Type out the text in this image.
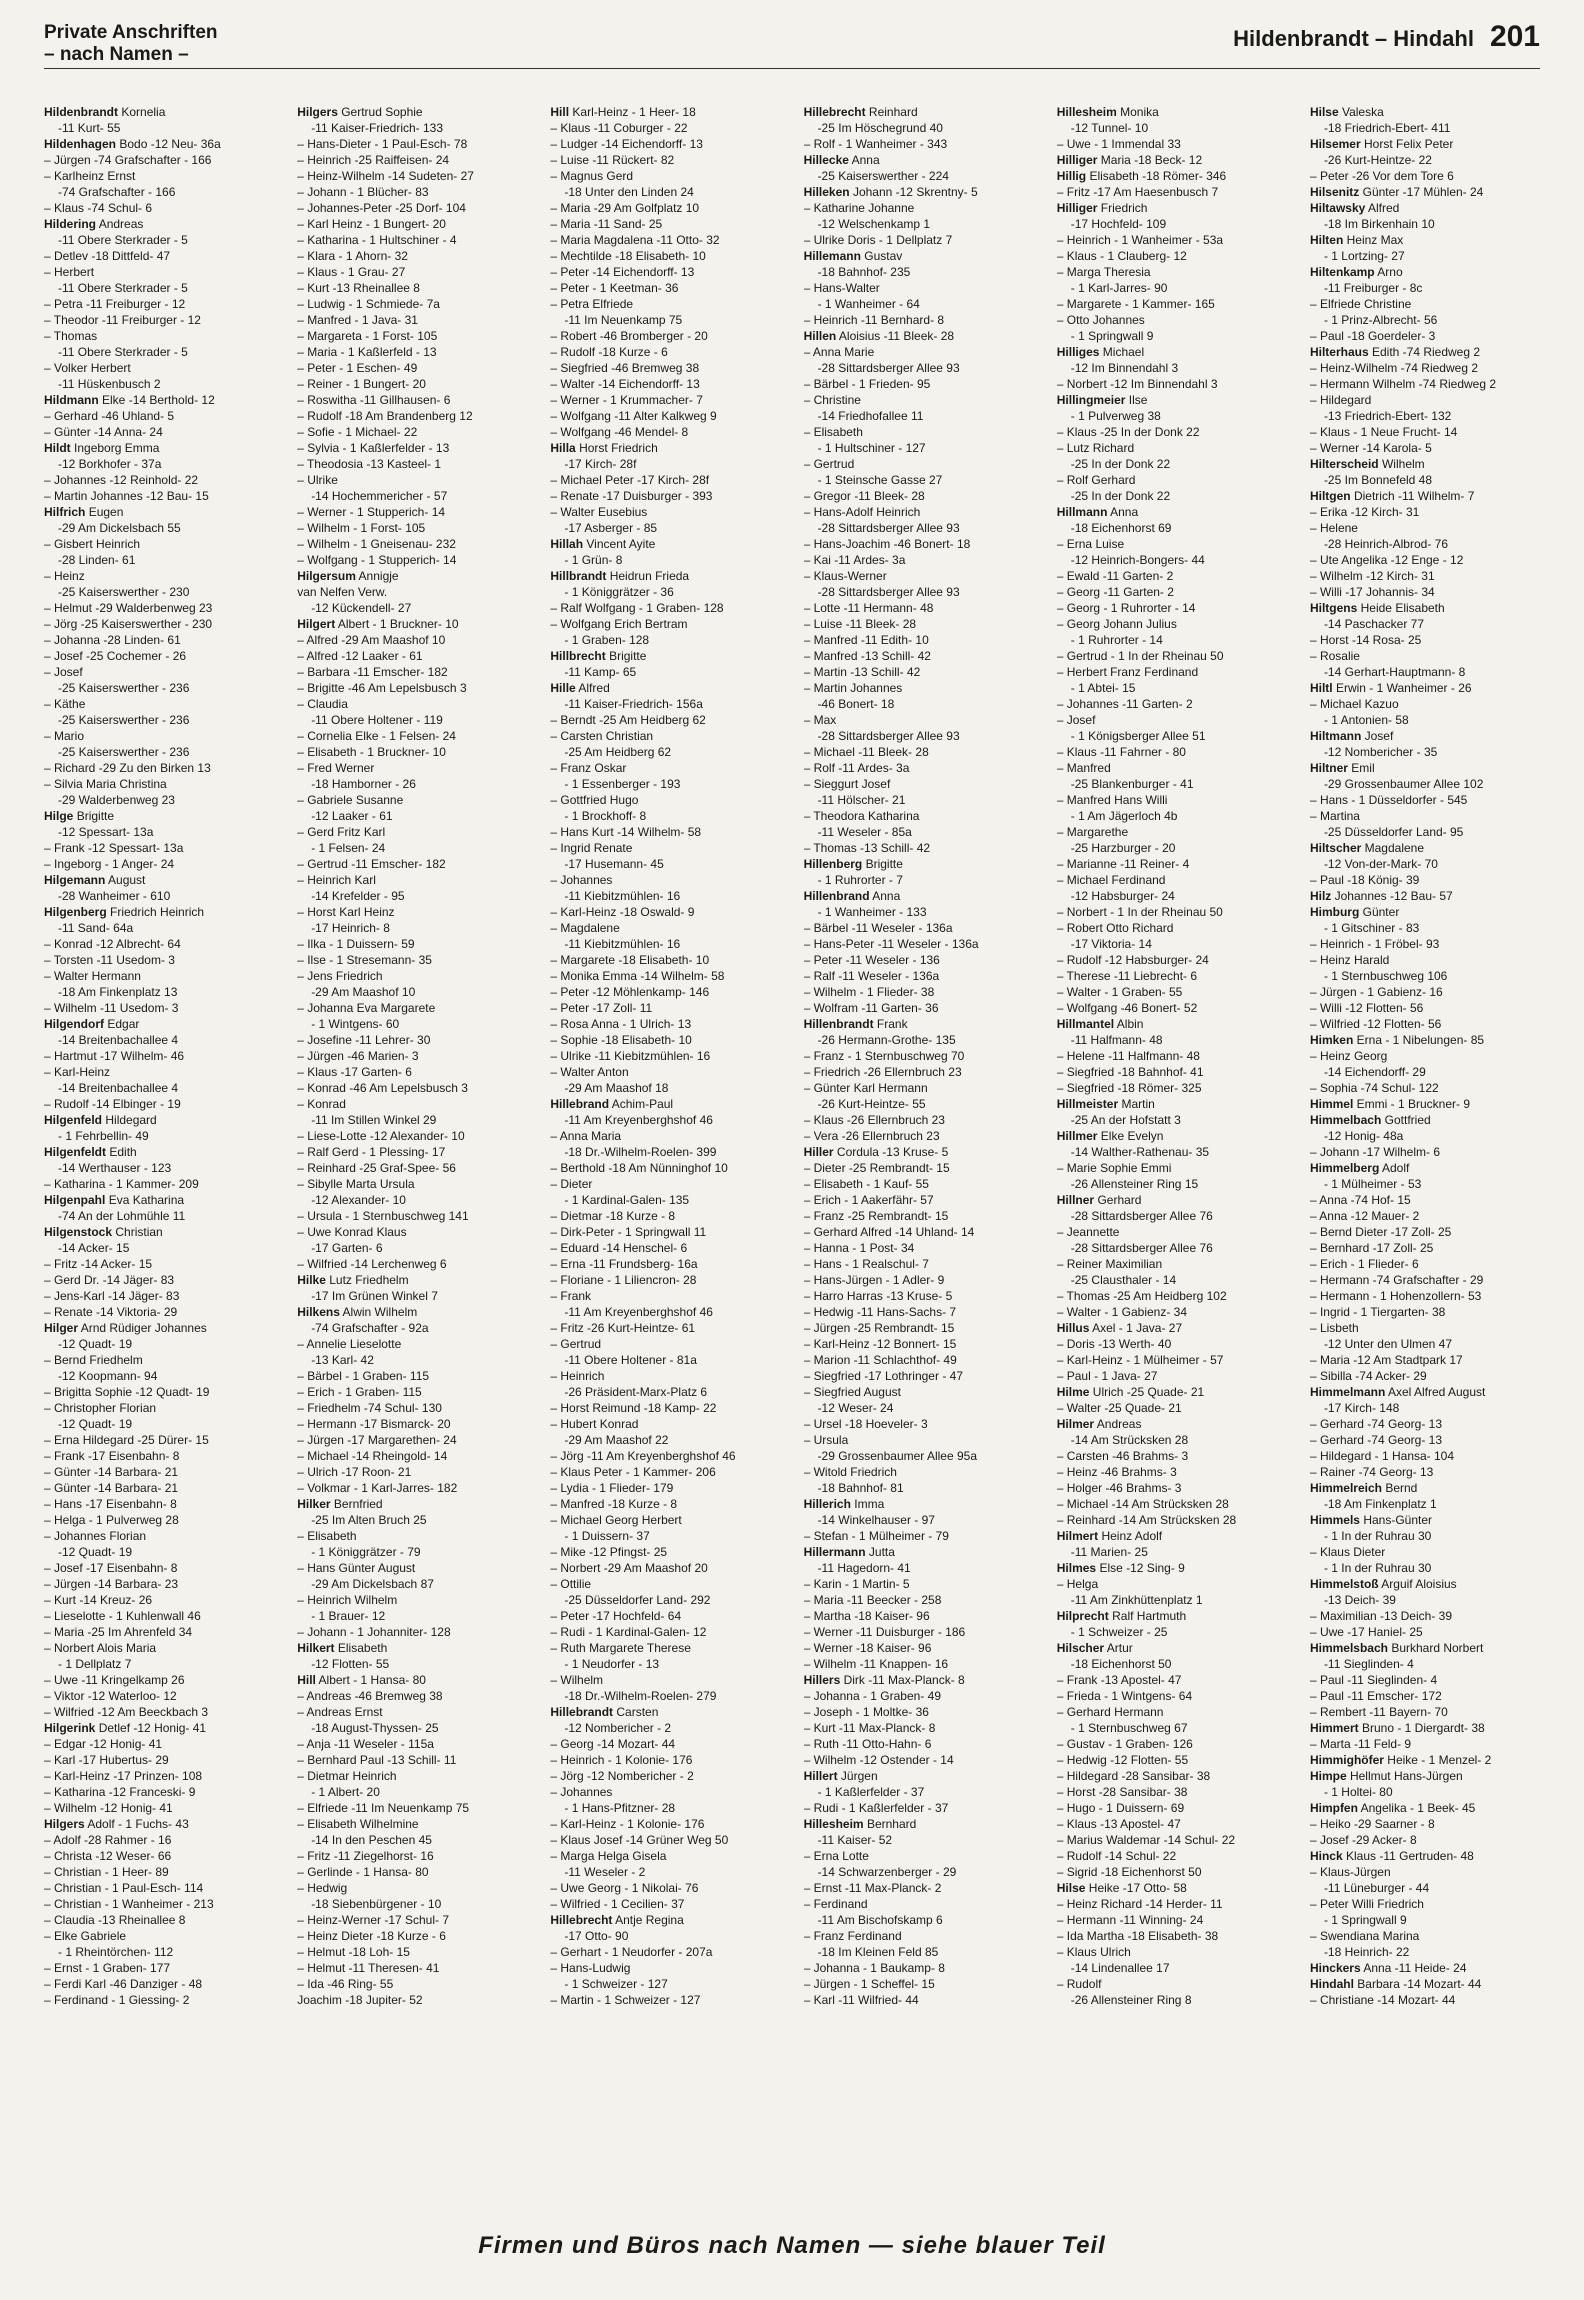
Private Anschriften
– nach Namen –
Hildenbrandt – Hindahl 201
Hildenbrandt Kornelia
-11 Kurt- 55
Hildenhagen Bodo -12 Neu- 36a
– Jürgen -74 Grafschafter - 166
– Karlheinz Ernst
-74 Grafschafter - 166
– Klaus -74 Schul- 6
Hildering Andreas
-11 Obere Sterkrader - 5
– Detlev -18 Dittfeld- 47
– Herbert
-11 Obere Sterkrader - 5
– Petra -11 Freiburger - 12
– Theodor -11 Freiburger - 12
– Thomas
-11 Obere Sterkrader - 5
– Volker Herbert
-11 Hüskenbusch 2
Hildmann Elke -14 Berthold- 12
– Gerhard -46 Uhland- 5
– Günter -14 Anna- 24
Hildt Ingeborg Emma
-12 Borkhofer - 37a
– Johannes -12 Reinhold- 22
– Martin Johannes -12 Bau- 15
Hilfrich Eugen
-29 Am Dickelsbach 55
– Gisbert Heinrich
-28 Linden- 61
– Heinz
-25 Kaiserswerther - 230
– Helmut -29 Walderbenweg 23
– Jörg -25 Kaiserswerther - 230
– Johanna -28 Linden- 61
– Josef -25 Cochemer - 26
– Josef
-25 Kaiserswerther - 236
– Käthe
-25 Kaiserswerther - 236
– Mario
-25 Kaiserswerther - 236
– Richard -29 Zu den Birken 13
– Silvia Maria Christina
-29 Walderbenweg 23
Hilge Brigitte
-12 Spessart- 13a
– Frank -12 Spessart- 13a
– Ingeborg - 1 Anger- 24
Hilgemann August
-28 Wanheimer - 610
Hilgenberg Friedrich Heinrich
-11 Sand- 64a
– Konrad -12 Albrecht- 64
– Torsten -11 Usedom- 3
– Walter Hermann
-18 Am Finkenplatz 13
– Wilhelm -11 Usedom- 3
Hilgendorf Edgar
-14 Breitenbachallee 4
– Hartmut -17 Wilhelm- 46
– Karl-Heinz
-14 Breitenbachallee 4
– Rudolf -14 Elbinger - 19
Hilgenfeld Hildegard
- 1 Fehrbellin- 49
Hilgenfeldt Edith
-14 Werthauser - 123
– Katharina - 1 Kammer- 209
Hilgenpahl Eva Katharina
-74 An der Lohmühle 11
Hilgenstock Christian
-14 Acker- 15
– Fritz -14 Acker- 15
– Gerd Dr. -14 Jäger- 83
– Jens-Karl -14 Jäger- 83
– Renate -14 Viktoria- 29
Hilger Arnd Rüdiger Johannes
-12 Quadt- 19
– Bernd Friedhelm
-12 Koopmann- 94
– Brigitta Sophie -12 Quadt- 19
– Christopher Florian
-12 Quadt- 19
– Erna Hildegard -25 Dürer- 15
– Frank -17 Eisenbahn- 8
– Günter -14 Barbara- 21
– Günter -14 Barbara- 21
– Hans -17 Eisenbahn- 8
– Helga - 1 Pulverweg 28
– Johannes Florian
-12 Quadt- 19
– Josef -17 Eisenbahn- 8
– Jürgen -14 Barbara- 23
– Kurt -14 Kreuz- 26
– Lieselotte - 1 Kuhlenwall 46
– Maria -25 Im Ahrenfeld 34
– Norbert Alois Maria
- 1 Dellplatz 7
– Uwe -11 Kringelkamp 26
– Viktor -12 Waterloo- 12
– Wilfried -12 Am Beeckbach 3
Hilgerink Detlef -12 Honig- 41
– Edgar -12 Honig- 41
– Karl -17 Hubertus- 29
– Karl-Heinz -17 Prinzen- 108
– Katharina -12 Franceski- 9
– Wilhelm -12 Honig- 41
Hilgers Adolf - 1 Fuchs- 43
– Adolf -28 Rahmer - 16
– Christa -12 Weser- 66
– Christian - 1 Heer- 89
– Christian - 1 Paul-Esch- 114
– Christian - 1 Wanheimer - 213
– Claudia -13 Rheinallee 8
– Elke Gabriele
- 1 Rheintörchen- 112
– Ernst - 1 Graben- 177
– Ferdi Karl -46 Danziger - 48
– Ferdinand - 1 Giessing- 2
Hilgers Gertrud Sophie
-11 Kaiser-Friedrich- 133
– Hans-Dieter - 1 Paul-Esch- 78
– Heinrich -25 Raiffeisen- 24
– Heinz-Wilhelm -14 Sudeten- 27
– Johann - 1 Blücher- 83
– Johannes-Peter -25 Dorf- 104
– Karl Heinz - 1 Bungert- 20
– Katharina - 1 Hultschiner - 4
– Klara - 1 Ahorn- 32
– Klaus - 1 Grau- 27
– Kurt -13 Rheinallee 8
– Ludwig - 1 Schmiede- 7a
– Manfred - 1 Java- 31
– Margareta - 1 Forst- 105
– Maria - 1 Kaßlerfeld - 13
– Peter - 1 Eschen- 49
– Reiner - 1 Bungert- 20
– Roswitha -11 Gillhausen- 6
– Rudolf -18 Am Brandenberg 12
– Sofie - 1 Michael- 22
– Sylvia - 1 Kaßlerfelder - 13
– Theodosia -13 Kasteel- 1
– Ulrike
-14 Hochemmericher - 57
– Werner - 1 Stupperich- 14
– Wilhelm - 1 Forst- 105
– Wilhelm - 1 Gneisenau- 232
– Wolfgang - 1 Stupperich- 14
Hilgersum Annigje
van Nelfen Verw.
-12 Kückendell- 27
Hilgert Albert - 1 Bruckner- 10
– Alfred -29 Am Maashof 10
– Alfred -12 Laaker - 61
– Barbara -11 Emscher- 182
– Brigitte -46 Am Lepelsbusch 3
– Claudia
-11 Obere Holtener - 119
– Cornelia Elke - 1 Felsen- 24
– Elisabeth - 1 Bruckner- 10
– Fred Werner
-18 Hamborner - 26
– Gabriele Susanne
-12 Laaker - 61
– Gerd Fritz Karl
- 1 Felsen- 24
– Gertrud -11 Emscher- 182
– Heinrich Karl
-14 Krefelder - 95
– Horst Karl Heinz
-17 Heinrich- 8
– Ilka - 1 Duissern- 59
– Ilse - 1 Stresemann- 35
– Jens Friedrich
-29 Am Maashof 10
– Johanna Eva Margarete
- 1 Wintgens- 60
– Josefine -11 Lehrer- 30
– Jürgen -46 Marien- 3
– Klaus -17 Garten- 6
– Konrad -46 Am Lepelsbusch 3
– Konrad
-11 Im Stillen Winkel 29
– Liese-Lotte -12 Alexander- 10
– Ralf Gerd - 1 Plessing- 17
– Reinhard -25 Graf-Spee- 56
– Sibylle Marta Ursula
-12 Alexander- 10
– Ursula - 1 Sternbuschweg 141
– Uwe Konrad Klaus
-17 Garten- 6
– Wilfried -14 Lerchenweg 6
Hilke Lutz Friedhelm
-17 Im Grünen Winkel 7
Hilkens Alwin Wilhelm
-74 Grafschafter - 92a
– Annelie Lieselotte
-13 Karl- 42
– Bärbel - 1 Graben- 115
– Erich - 1 Graben- 115
– Friedhelm -74 Schul- 130
– Hermann -17 Bismarck- 20
– Jürgen -17 Margarethen- 24
– Michael -14 Rheingold- 14
– Ulrich -17 Roon- 21
– Volkmar - 1 Karl-Jarres- 182
Hilker Bernfried
-25 Im Alten Bruch 25
– Elisabeth
- 1 Königgrätzer - 79
– Hans Günter August
-29 Am Dickelsbach 87
– Heinrich Wilhelm
- 1 Brauer- 12
– Johann - 1 Johanniter- 128
Hilkert Elisabeth
-12 Flotten- 55
Hill Albert - 1 Hansa- 80
– Andreas -46 Bremweg 38
– Andreas Ernst
-18 August-Thyssen- 25
– Anja -11 Weseler - 115a
– Bernhard Paul -13 Schill- 11
– Dietmar Heinrich
- 1 Albert- 20
– Elfriede -11 Im Neuenkamp 75
– Elisabeth Wilhelmine
-14 In den Peschen 45
– Fritz -11 Ziegelhorst- 16
– Gerlinde - 1 Hansa- 80
– Hedwig
-18 Siebenbürgener - 10
– Heinz-Werner -17 Schul- 7
– Heinz Dieter -18 Kurze - 6
– Helmut -18 Loh- 15
– Helmut -11 Theresen- 41
– Ida -46 Ring- 55
Joachim -18 Jupiter- 52
Hill Karl-Heinz - 1 Heer- 18
– Klaus -11 Coburger - 22
– Ludger -14 Eichendorff- 13
– Luise -11 Rückert- 82
– Magnus Gerd
-18 Unter den Linden 24
– Maria -29 Am Golfplatz 10
– Maria -11 Sand- 25
– Maria Magdalena -11 Otto- 32
– Mechtilde -18 Elisabeth- 10
– Peter -14 Eichendorff- 13
– Peter - 1 Keetman- 36
– Petra Elfriede
-11 Im Neuenkamp 75
– Robert -46 Bromberger - 20
– Rudolf -18 Kurze - 6
– Siegfried -46 Bremweg 38
– Walter -14 Eichendorff- 13
– Werner - 1 Krummacher- 7
– Wolfgang -11 Alter Kalkweg 9
– Wolfgang -46 Mendel- 8
Hilla Horst Friedrich
-17 Kirch- 28f
– Michael Peter -17 Kirch- 28f
– Renate -17 Duisburger - 393
– Walter Eusebius
-17 Asberger - 85
Hillah Vincent Ayite
- 1 Grün- 8
Hillbrandt Heidrun Frieda
- 1 Königgrätzer - 36
– Ralf Wolfgang - 1 Graben- 128
– Wolfgang Erich Bertram
- 1 Graben- 128
Hillbrecht Brigitte
-11 Kamp- 65
Hille Alfred
-11 Kaiser-Friedrich- 156a
– Berndt -25 Am Heidberg 62
– Carsten Christian
-25 Am Heidberg 62
– Franz Oskar
- 1 Essenberger - 193
– Gottfried Hugo
- 1 Brockhoff- 8
– Hans Kurt -14 Wilhelm- 58
– Ingrid Renate
-17 Husemann- 45
– Johannes
-11 Kiebitzmühlen- 16
– Karl-Heinz -18 Oswald- 9
– Magdalene
-11 Kiebitzmühlen- 16
– Margarete -18 Elisabeth- 10
– Monika Emma -14 Wilhelm- 58
– Peter -12 Möhlenkamp- 146
– Peter -17 Zoll- 11
– Rosa Anna - 1 Ulrich- 13
– Sophie -18 Elisabeth- 10
– Ulrike -11 Kiebitzmühlen- 16
– Walter Anton
-29 Am Maashof 18
Hillebrand Achim-Paul
-11 Am Kreyenberghshof 46
– Anna Maria
-18 Dr.-Wilhelm-Roelen- 399
– Berthold -18 Am Nünninghof 10
– Dieter
- 1 Kardinal-Galen- 135
– Dietmar -18 Kurze - 8
– Dirk-Peter - 1 Springwall 11
– Eduard -14 Henschel- 6
– Erna -11 Frundsberg- 16a
– Floriane - 1 Liliencron- 28
– Frank
-11 Am Kreyenberghshof 46
– Fritz -26 Kurt-Heintze- 61
– Gertrud
-11 Obere Holtener - 81a
– Heinrich
-26 Präsident-Marx-Platz 6
– Horst Reimund -18 Kamp- 22
– Hubert Konrad
-29 Am Maashof 22
– Jörg -11 Am Kreyenberghshof 46
– Klaus Peter - 1 Kammer- 206
– Lydia - 1 Flieder- 179
– Manfred -18 Kurze - 8
– Michael Georg Herbert
- 1 Duissern- 37
– Mike -12 Pfingst- 25
– Norbert -29 Am Maashof 20
– Ottilie
-25 Düsseldorfer Land- 292
– Peter -17 Hochfeld- 64
– Rudi - 1 Kardinal-Galen- 12
– Ruth Margarete Therese
- 1 Neudorfer - 13
– Wilhelm
-18 Dr.-Wilhelm-Roelen- 279
Hillebrandt Carsten
-12 Nombericher - 2
– Georg -14 Mozart- 44
– Heinrich - 1 Kolonie- 176
– Jörg -12 Nombericher - 2
– Johannes
- 1 Hans-Pfitzner- 28
– Karl-Heinz - 1 Kolonie- 176
– Klaus Josef -14 Grüner Weg 50
– Marga Helga Gisela
-11 Weseler - 2
– Uwe Georg - 1 Nikolai- 76
– Wilfried - 1 Cecilien- 37
Hillebrecht Antje Regina
-17 Otto- 90
– Gerhart - 1 Neudorfer - 207a
– Hans-Ludwig
- 1 Schweizer - 127
– Martin - 1 Schweizer - 127
Hillebrecht Reinhard
-25 Im Höschegrund 40
– Rolf - 1 Wanheimer - 343
Hillecke Anna
-25 Kaiserswerther - 224
Hilleken Johann -12 Skrentny- 5
– Katharine Johanne
-12 Welschenkamp 1
– Ulrike Doris - 1 Dellplatz 7
Hillemann Gustav
-18 Bahnhof- 235
– Hans-Walter
- 1 Wanheimer - 64
– Heinrich -11 Bernhard- 8
Hillen Aloisius -11 Bleek- 28
– Anna Marie
-28 Sittardsberger Allee 93
– Bärbel - 1 Frieden- 95
– Christine
-14 Friedhofallee 11
– Elisabeth
- 1 Hultschiner - 127
– Gertrud
- 1 Steinsche Gasse 27
– Gregor -11 Bleek- 28
– Hans-Adolf Heinrich
-28 Sittardsberger Allee 93
– Hans-Joachim -46 Bonert- 18
– Kai -11 Ardes- 3a
– Klaus-Werner
-28 Sittardsberger Allee 93
– Lotte -11 Hermann- 48
– Luise -11 Bleek- 28
– Manfred -11 Edith- 10
– Manfred -13 Schill- 42
– Martin -13 Schill- 42
– Martin Johannes
-46 Bonert- 18
– Max
-28 Sittardsberger Allee 93
– Michael -11 Bleek- 28
– Rolf -11 Ardes- 3a
– Sieggurt Josef
-11 Hölscher- 21
– Theodora Katharina
-11 Weseler - 85a
– Thomas -13 Schill- 42
Hillenberg Brigitte
- 1 Ruhrorter - 7
Hillenbrand Anna
- 1 Wanheimer - 133
– Bärbel -11 Weseler - 136a
– Hans-Peter -11 Weseler - 136a
– Peter -11 Weseler - 136
– Ralf -11 Weseler - 136a
– Wilhelm - 1 Flieder- 38
– Wolfram -11 Garten- 36
Hillenbrandt Frank
-26 Hermann-Grothe- 135
– Franz - 1 Sternbuschweg 70
– Friedrich -26 Ellernbruch 23
– Günter Karl Hermann
-26 Kurt-Heintze- 55
– Klaus -26 Ellernbruch 23
– Vera -26 Ellernbruch 23
Hiller Cordula -13 Kruse- 5
– Dieter -25 Rembrandt- 15
– Elisabeth - 1 Kauf- 55
– Erich - 1 Aakerfähr- 57
– Franz -25 Rembrandt- 15
– Gerhard Alfred -14 Uhland- 14
– Hanna - 1 Post- 34
– Hans - 1 Realschul- 7
– Hans-Jürgen - 1 Adler- 9
– Harro Harras -13 Kruse- 5
– Hedwig -11 Hans-Sachs- 7
– Jürgen -25 Rembrandt- 15
– Karl-Heinz -12 Bonnert- 15
– Marion -11 Schlachthof- 49
– Siegfried -17 Lothringer - 47
– Siegfried August
-12 Weser- 24
– Ursel -18 Hoeveler- 3
– Ursula
-29 Grossenbaumer Allee 95a
– Witold Friedrich
-18 Bahnhof- 81
Hillerich Imma
-14 Winkelhauser - 97
– Stefan - 1 Mülheimer - 79
Hillermann Jutta
-11 Hagedorn- 41
– Karin - 1 Martin- 5
– Maria -11 Beecker - 258
– Martha -18 Kaiser- 96
– Werner -11 Duisburger - 186
– Werner -18 Kaiser- 96
– Wilhelm -11 Knappen- 16
Hillers Dirk -11 Max-Planck- 8
– Johanna - 1 Graben- 49
– Joseph - 1 Moltke- 36
– Kurt -11 Max-Planck- 8
– Ruth -11 Otto-Hahn- 6
– Wilhelm -12 Ostender - 14
Hillert Jürgen
- 1 Kaßlerfelder - 37
– Rudi - 1 Kaßlerfelder - 37
Hillesheim Bernhard
-11 Kaiser- 52
– Erna Lotte
-14 Schwarzenberger - 29
– Ernst -11 Max-Planck- 2
– Ferdinand
-11 Am Bischofskamp 6
– Franz Ferdinand
-18 Im Kleinen Feld 85
– Johanna - 1 Baukamp- 8
– Jürgen - 1 Scheffel- 15
– Karl -11 Wilfried- 44
Hillesheim Monika
-12 Tunnel- 10
– Uwe - 1 Immendal 33
Hilliger Maria -18 Beck- 12
Hillig Elisabeth -18 Römer- 346
– Fritz -17 Am Haesenbusch 7
Hilliger Friedrich
-17 Hochfeld- 109
– Heinrich - 1 Wanheimer - 53a
– Klaus - 1 Clauberg- 12
– Marga Theresia
- 1 Karl-Jarres- 90
– Margarete - 1 Kammer- 165
– Otto Johannes
- 1 Springwall 9
Hilliges Michael
-12 Im Binnendahl 3
– Norbert -12 Im Binnendahl 3
Hillingmeier Ilse
- 1 Pulverweg 38
– Klaus -25 In der Donk 22
– Lutz Richard
-25 In der Donk 22
– Rolf Gerhard
-25 In der Donk 22
Hillmann Anna
-18 Eichenhorst 69
– Erna Luise
-12 Heinrich-Bongers- 44
– Ewald -11 Garten- 2
– Georg -11 Garten- 2
– Georg - 1 Ruhrorter - 14
– Georg Johann Julius
- 1 Ruhrorter - 14
– Gertrud - 1 In der Rheinau 50
– Herbert Franz Ferdinand
- 1 Abtei- 15
– Johannes -11 Garten- 2
– Josef
- 1 Königsberger Allee 51
– Klaus -11 Fahrner - 80
– Manfred
-25 Blankenburger - 41
– Manfred Hans Willi
- 1 Am Jägerloch 4b
– Margarethe
-25 Harzburger - 20
– Marianne -11 Reiner- 4
– Michael Ferdinand
-12 Habsburger- 24
– Norbert - 1 In der Rheinau 50
– Robert Otto Richard
-17 Viktoria- 14
– Rudolf -12 Habsburger- 24
– Therese -11 Liebrecht- 6
– Walter - 1 Graben- 55
– Wolfgang -46 Bonert- 52
Hillmantel Albin
-11 Halfmann- 48
– Helene -11 Halfmann- 48
– Siegfried -18 Bahnhof- 41
– Siegfried -18 Römer- 325
Hillmeister Martin
-25 An der Hofstatt 3
Hillmer Elke Evelyn
-14 Walther-Rathenau- 35
– Marie Sophie Emmi
-26 Allensteiner Ring 15
Hillner Gerhard
-28 Sittardsberger Allee 76
– Jeannette
-28 Sittardsberger Allee 76
– Reiner Maximilian
-25 Clausthaler - 14
– Thomas -25 Am Heidberg 102
– Walter - 1 Gabienz- 34
Hillus Axel - 1 Java- 27
– Doris -13 Werth- 40
– Karl-Heinz - 1 Mülheimer - 57
– Paul - 1 Java- 27
Hilme Ulrich -25 Quade- 21
– Walter -25 Quade- 21
Hilmer Andreas
-14 Am Strücksken 28
– Carsten -46 Brahms- 3
– Heinz -46 Brahms- 3
– Holger -46 Brahms- 3
– Michael -14 Am Strücksken 28
– Reinhard -14 Am Strücksken 28
Hilmert Heinz Adolf
-11 Marien- 25
Hilmes Else -12 Sing- 9
– Helga
-11 Am Zinkhüttenplatz 1
Hilprecht Ralf Hartmuth
- 1 Schweizer - 25
Hilscher Artur
-18 Eichenhorst 50
– Frank -13 Apostel- 47
– Frieda - 1 Wintgens- 64
– Gerhard Hermann
- 1 Sternbuschweg 67
– Gustav - 1 Graben- 126
– Hedwig -12 Flotten- 55
– Hildegard -28 Sansibar- 38
– Horst -28 Sansibar- 38
– Hugo - 1 Duissern- 69
– Klaus -13 Apostel- 47
– Marius Waldemar -14 Schul- 22
– Rudolf -14 Schul- 22
– Sigrid -18 Eichenhorst 50
Hilse Heike -17 Otto- 58
– Heinz Richard -14 Herder- 11
– Hermann -11 Winning- 24
– Ida Martha -18 Elisabeth- 38
– Klaus Ulrich
-14 Lindenallee 17
– Rudolf
-26 Allensteiner Ring 8
Hilse Valeska
-18 Friedrich-Ebert- 411
Hilsemer Horst Felix Peter
-26 Kurt-Heintze- 22
– Peter -26 Vor dem Tore 6
Hilsenitz Günter -17 Mühlen- 24
Hiltawsky Alfred
-18 Im Birkenhain 10
Hilten Heinz Max
- 1 Lortzing- 27
Hiltenkamp Arno
-11 Freiburger - 8c
– Elfriede Christine
- 1 Prinz-Albrecht- 56
– Paul -18 Goerdeler- 3
Hilterhaus Edith -74 Riedweg 2
– Heinz-Wilhelm -74 Riedweg 2
– Hermann Wilhelm -74 Riedweg 2
– Hildegard
-13 Friedrich-Ebert- 132
– Klaus - 1 Neue Frucht- 14
– Werner -14 Karola- 5
Hilterscheid Wilhelm
-25 Im Bonnefeld 48
Hiltgen Dietrich -11 Wilhelm- 7
– Erika -12 Kirch- 31
– Helene
-28 Heinrich-Albrod- 76
– Ute Angelika -12 Enge - 12
– Wilhelm -12 Kirch- 31
– Willi -17 Johannis- 34
Hiltgens Heide Elisabeth
-14 Paschacker 77
– Horst -14 Rosa- 25
– Rosalie
-14 Gerhart-Hauptmann- 8
Hiltl Erwin - 1 Wanheimer - 26
– Michael Kazuo
- 1 Antonien- 58
Hiltmann Josef
-12 Nombericher - 35
Hiltner Emil
-29 Grossenbaumer Allee 102
– Hans - 1 Düsseldorfer - 545
– Martina
-25 Düsseldorfer Land- 95
Hiltscher Magdalene
-12 Von-der-Mark- 70
– Paul -18 König- 39
Hilz Johannes -12 Bau- 57
Himburg Günter
- 1 Gitschiner - 83
– Heinrich - 1 Fröbel- 93
– Heinz Harald
- 1 Sternbuschweg 106
– Jürgen - 1 Gabienz- 16
– Willi -12 Flotten- 56
– Wilfried -12 Flotten- 56
Himken Erna - 1 Nibelungen- 85
– Heinz Georg
-14 Eichendorff- 29
– Sophia -74 Schul- 122
Himmel Emmi - 1 Bruckner- 9
Himmelbach Gottfried
-12 Honig- 48a
– Johann -17 Wilhelm- 6
Himmelberg Adolf
- 1 Mülheimer - 53
– Anna -74 Hof- 15
– Anna -12 Mauer- 2
– Bernd Dieter -17 Zoll- 25
– Bernhard -17 Zoll- 25
– Erich - 1 Flieder- 6
– Hermann -74 Grafschafter - 29
– Hermann - 1 Hohenzollern- 53
– Ingrid - 1 Tiergarten- 38
– Lisbeth
-12 Unter den Ulmen 47
– Maria -12 Am Stadtpark 17
– Sibilla -74 Acker- 29
Himmelmann Axel Alfred August
-17 Kirch- 148
– Gerhard -74 Georg- 13
– Gerhard -74 Georg- 13
– Hildegard - 1 Hansa- 104
– Rainer -74 Georg- 13
Himmelreich Bernd
-18 Am Finkenplatz 1
Himmels Hans-Günter
- 1 In der Ruhrau 30
– Klaus Dieter
- 1 In der Ruhrau 30
Himmelstoß Arguif Aloisius
-13 Deich- 39
– Maximilian -13 Deich- 39
– Uwe -17 Haniel- 25
Himmelsbach Burkhard Norbert
-11 Sieglinden- 4
– Paul -11 Sieglinden- 4
– Paul -11 Emscher- 172
– Rembert -11 Bayern- 70
Himmert Bruno - 1 Diergardt- 38
– Marta -11 Feld- 9
Himmighöfer Heike - 1 Menzel- 2
Himpe Hellmut Hans-Jürgen
- 1 Holtei- 80
Himpfen Angelika - 1 Beek- 45
– Heiko -29 Saarner - 8
– Josef -29 Acker- 8
Hinck Klaus -11 Gertruden- 48
– Klaus-Jürgen
-11 Lüneburger - 44
– Peter Willi Friedrich
- 1 Springwall 9
– Swendiana Marina
-18 Heinrich- 22
Hinckers Anna -11 Heide- 24
Hindahl Barbara -14 Mozart- 44
– Christiane -14 Mozart- 44
Firmen und Büros nach Namen — siehe blauer Teil
